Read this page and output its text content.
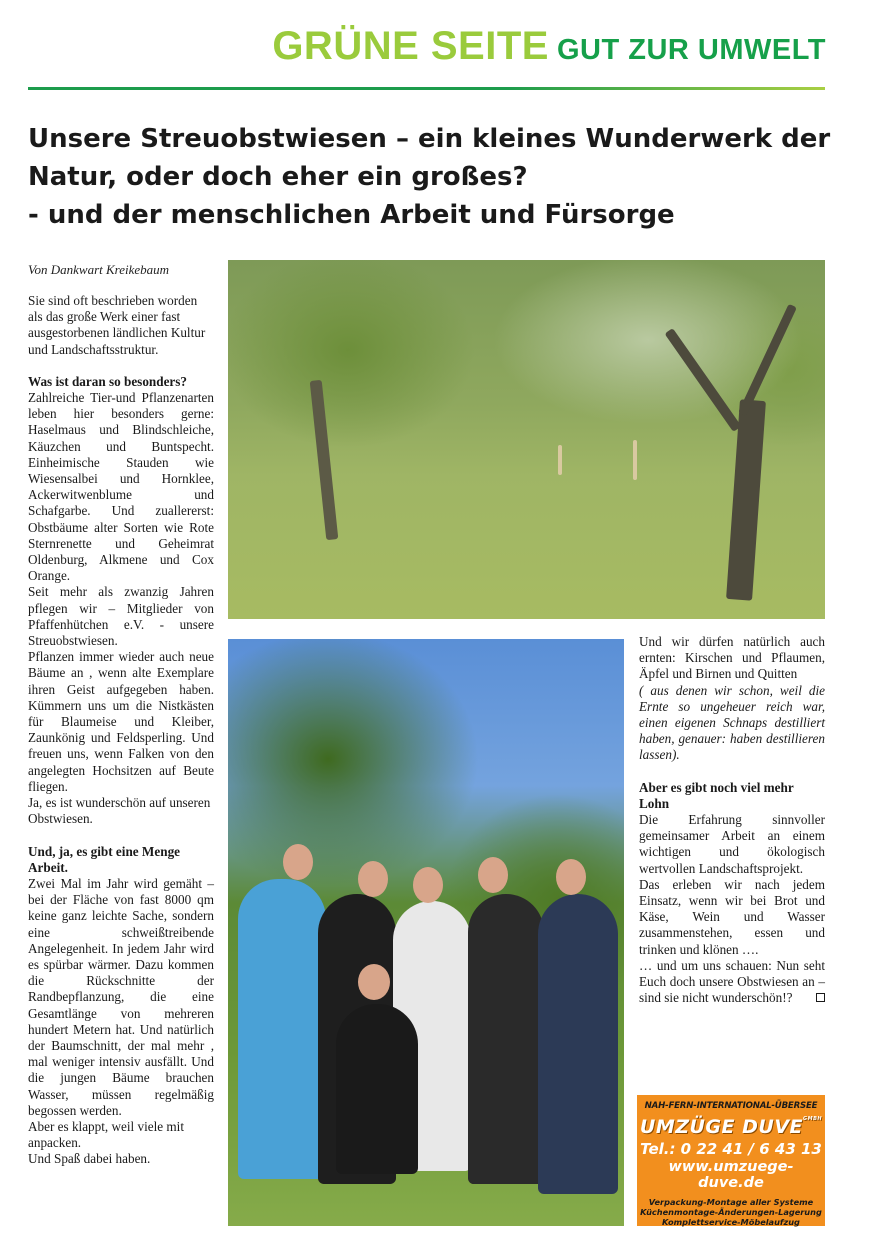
GRÜNE SEITE GUT ZUR UMWELT
Unsere Streuobstwiesen – ein kleines Wunderwerk der
Natur, oder doch eher ein großes?
- und der menschlichen Arbeit und Fürsorge
Von Dankwart Kreikebaum

Sie sind oft beschrieben worden als das große Werk einer fast ausgestorbenen ländlichen Kultur und Landschaftsstruktur.

Was ist daran so besonders?

Zahlreiche Tier-und Pflanzenarten leben hier besonders gerne: Haselmaus und Blindschleiche, Käuzchen und Buntspecht. Einheimische Stauden wie Wiesensalbei und Hornklee, Ackerwitwenblume und Schafgarbe. Und zuallererst: Obstbäume alter Sorten wie Rote Sternrenette und Geheimrat Oldenburg, Alkmene und Cox Orange.

Seit mehr als zwanzig Jahren pflegen wir – Mitglieder von Pfaffenhütchen e.V. - unsere Streuobstwiesen.

Pflanzen immer wieder auch neue Bäume an , wenn alte Exemplare ihren Geist aufgegeben haben. Kümmern uns um die Nistkästen für Blaumeise und Kleiber, Zaunkönig und Feldsperling. Und freuen uns, wenn Falken von den angelegten Hochsitzen auf Beute fliegen.

Ja, es ist wunderschön auf unseren Obstwiesen.

Und, ja, es gibt eine Menge Arbeit.

Zwei Mal im Jahr wird gemäht – bei der Fläche von fast 8000 qm keine ganz leichte Sache, sondern eine schweißtreibende Angelegenheit. In jedem Jahr wird es spürbar wärmer. Dazu kommen die Rückschnitte der Randbepflanzung, die eine Gesamtlänge von mehreren hundert Metern hat. Und natürlich der Baumschnitt, der mal mehr , mal weniger intensiv ausfällt. Und die jungen Bäume brauchen Wasser, müssen regelmäßig begossen werden.

Aber es klappt, weil viele mit anpacken.

Und Spaß dabei haben.

Und wir dürfen natürlich auch ernten: Kirschen und Pflaumen, Äpfel und Birnen und Quitten

( aus denen wir schon, weil die Ernte so ungeheuer reich war, einen eigenen Schnaps destilliert haben, genauer: haben destillieren lassen).

Aber es gibt noch viel mehr Lohn

Die Erfahrung sinnvoller gemeinsamer Arbeit an einem wichtigen und ökologisch wertvollen Landschaftsprojekt.

Das erleben wir nach jedem Einsatz, wenn wir bei Brot und Käse, Wein und Wasser zusammenstehen, essen und trinken und klönen ….

… und um uns schauen: Nun seht Euch doch unsere Obstwiesen an – sind sie nicht wunderschön!?

NAH-FERN-INTERNATIONAL-ÜBERSEE
UMZÜGE $DUVE^{GMBH}$
Tel.: 0 22 41 / 6 43 13
www.umzuege-duve.de
Verpackung-Montage aller Systeme
Küchenmontage-Änderungen-Lagerung
Komplettservice-Möbelaufzug
